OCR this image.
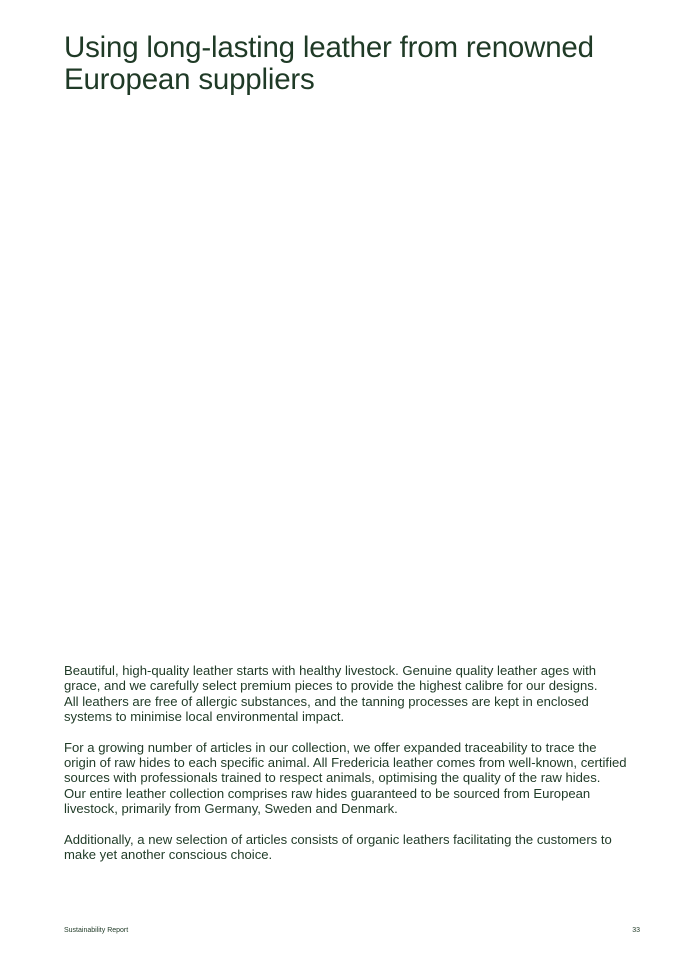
Using long-lasting leather from renowned
European suppliers

Beautiful, high-quality leather starts with healthy livestock. Genuine quality leather ages with
grace, and we carefully select premium pieces to provide the highest calibre for our designs.
All leathers are free of allergic substances, and the tanning processes are kept in enclosed
systems to minimise local environmental impact.

For a growing number of articles in our collection, we offer expanded traceability to trace the
origin of raw hides to each specific animal. All Fredericia leather comes from well-known, certified
sources with professionals trained to respect animals, optimising the quality of the raw hides.
Our entire leather collection comprises raw hides guaranteed to be sourced from European
livestock, primarily from Germany, Sweden and Denmark.

Additionally, a new selection of articles consists of organic leathers facilitating the customers to
make yet another conscious choice.

Sustainability Report	33
